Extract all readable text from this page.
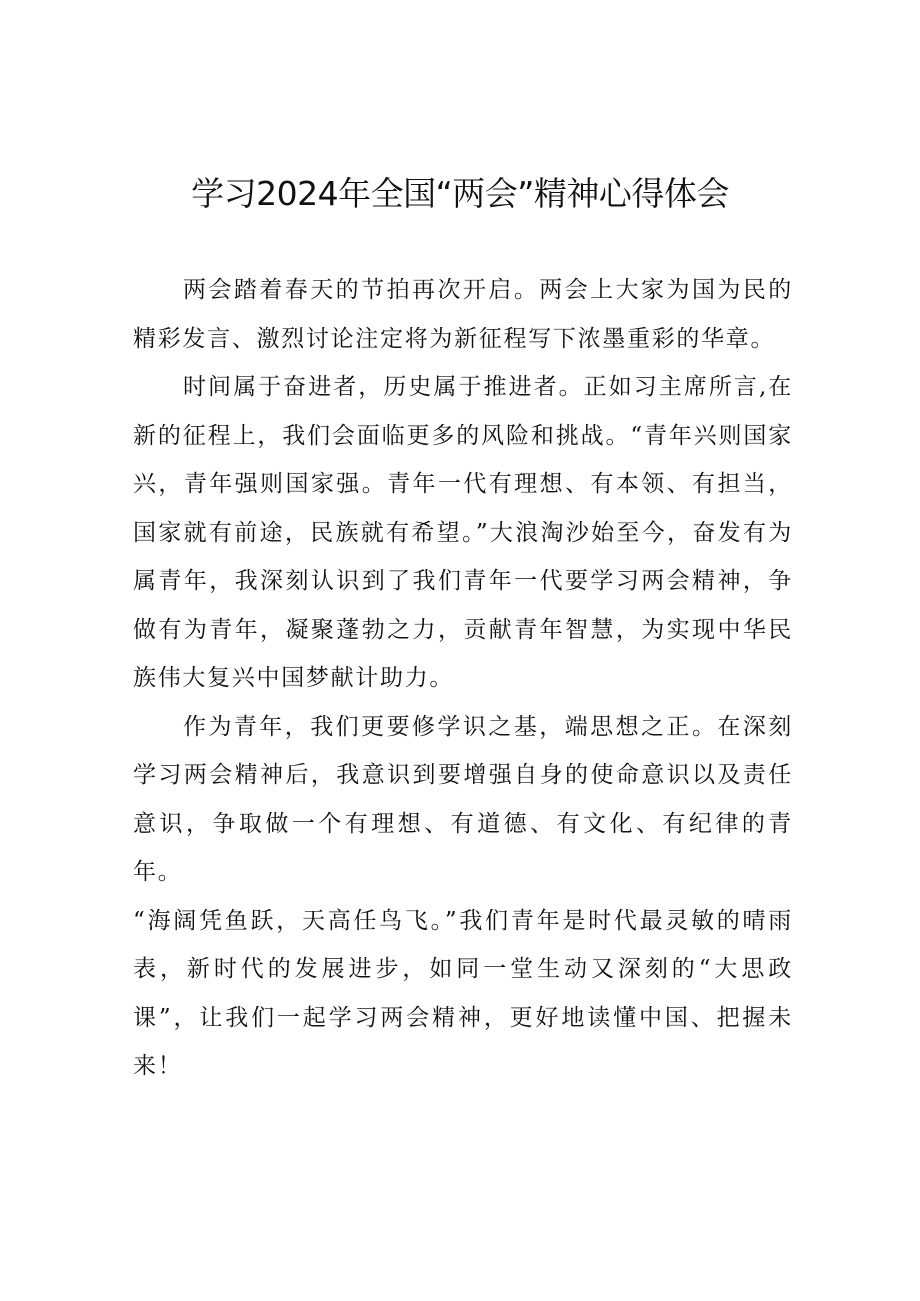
学习2024年全国“两会”精神心得体会

两会踏着春天的节拍再次开启。两会上大家为国为民的精彩发言、激烈讨论注定将为新征程写下浓墨重彩的华章。

时间属于奋进者，历史属于推进者。正如习主席所言,在新的征程上，我们会面临更多的风险和挑战。“青年兴则国家兴，青年强则国家强。青年一代有理想、有本领、有担当，国家就有前途，民族就有希望。”大浪淘沙始至今，奋发有为属青年，我深刻认识到了我们青年一代要学习两会精神，争做有为青年，凝聚蓬勃之力，贡献青年智慧，为实现中华民族伟大复兴中国梦献计助力。

作为青年，我们更要修学识之基，端思想之正。在深刻学习两会精神后，我意识到要增强自身的使命意识以及责任意识，争取做一个有理想、有道德、有文化、有纪律的青年。

“海阔凭鱼跃，天高任鸟飞。”我们青年是时代最灵敏的晴雨表，新时代的发展进步，如同一堂生动又深刻的“大思政课”，让我们一起学习两会精神，更好地读懂中国、把握未来！
